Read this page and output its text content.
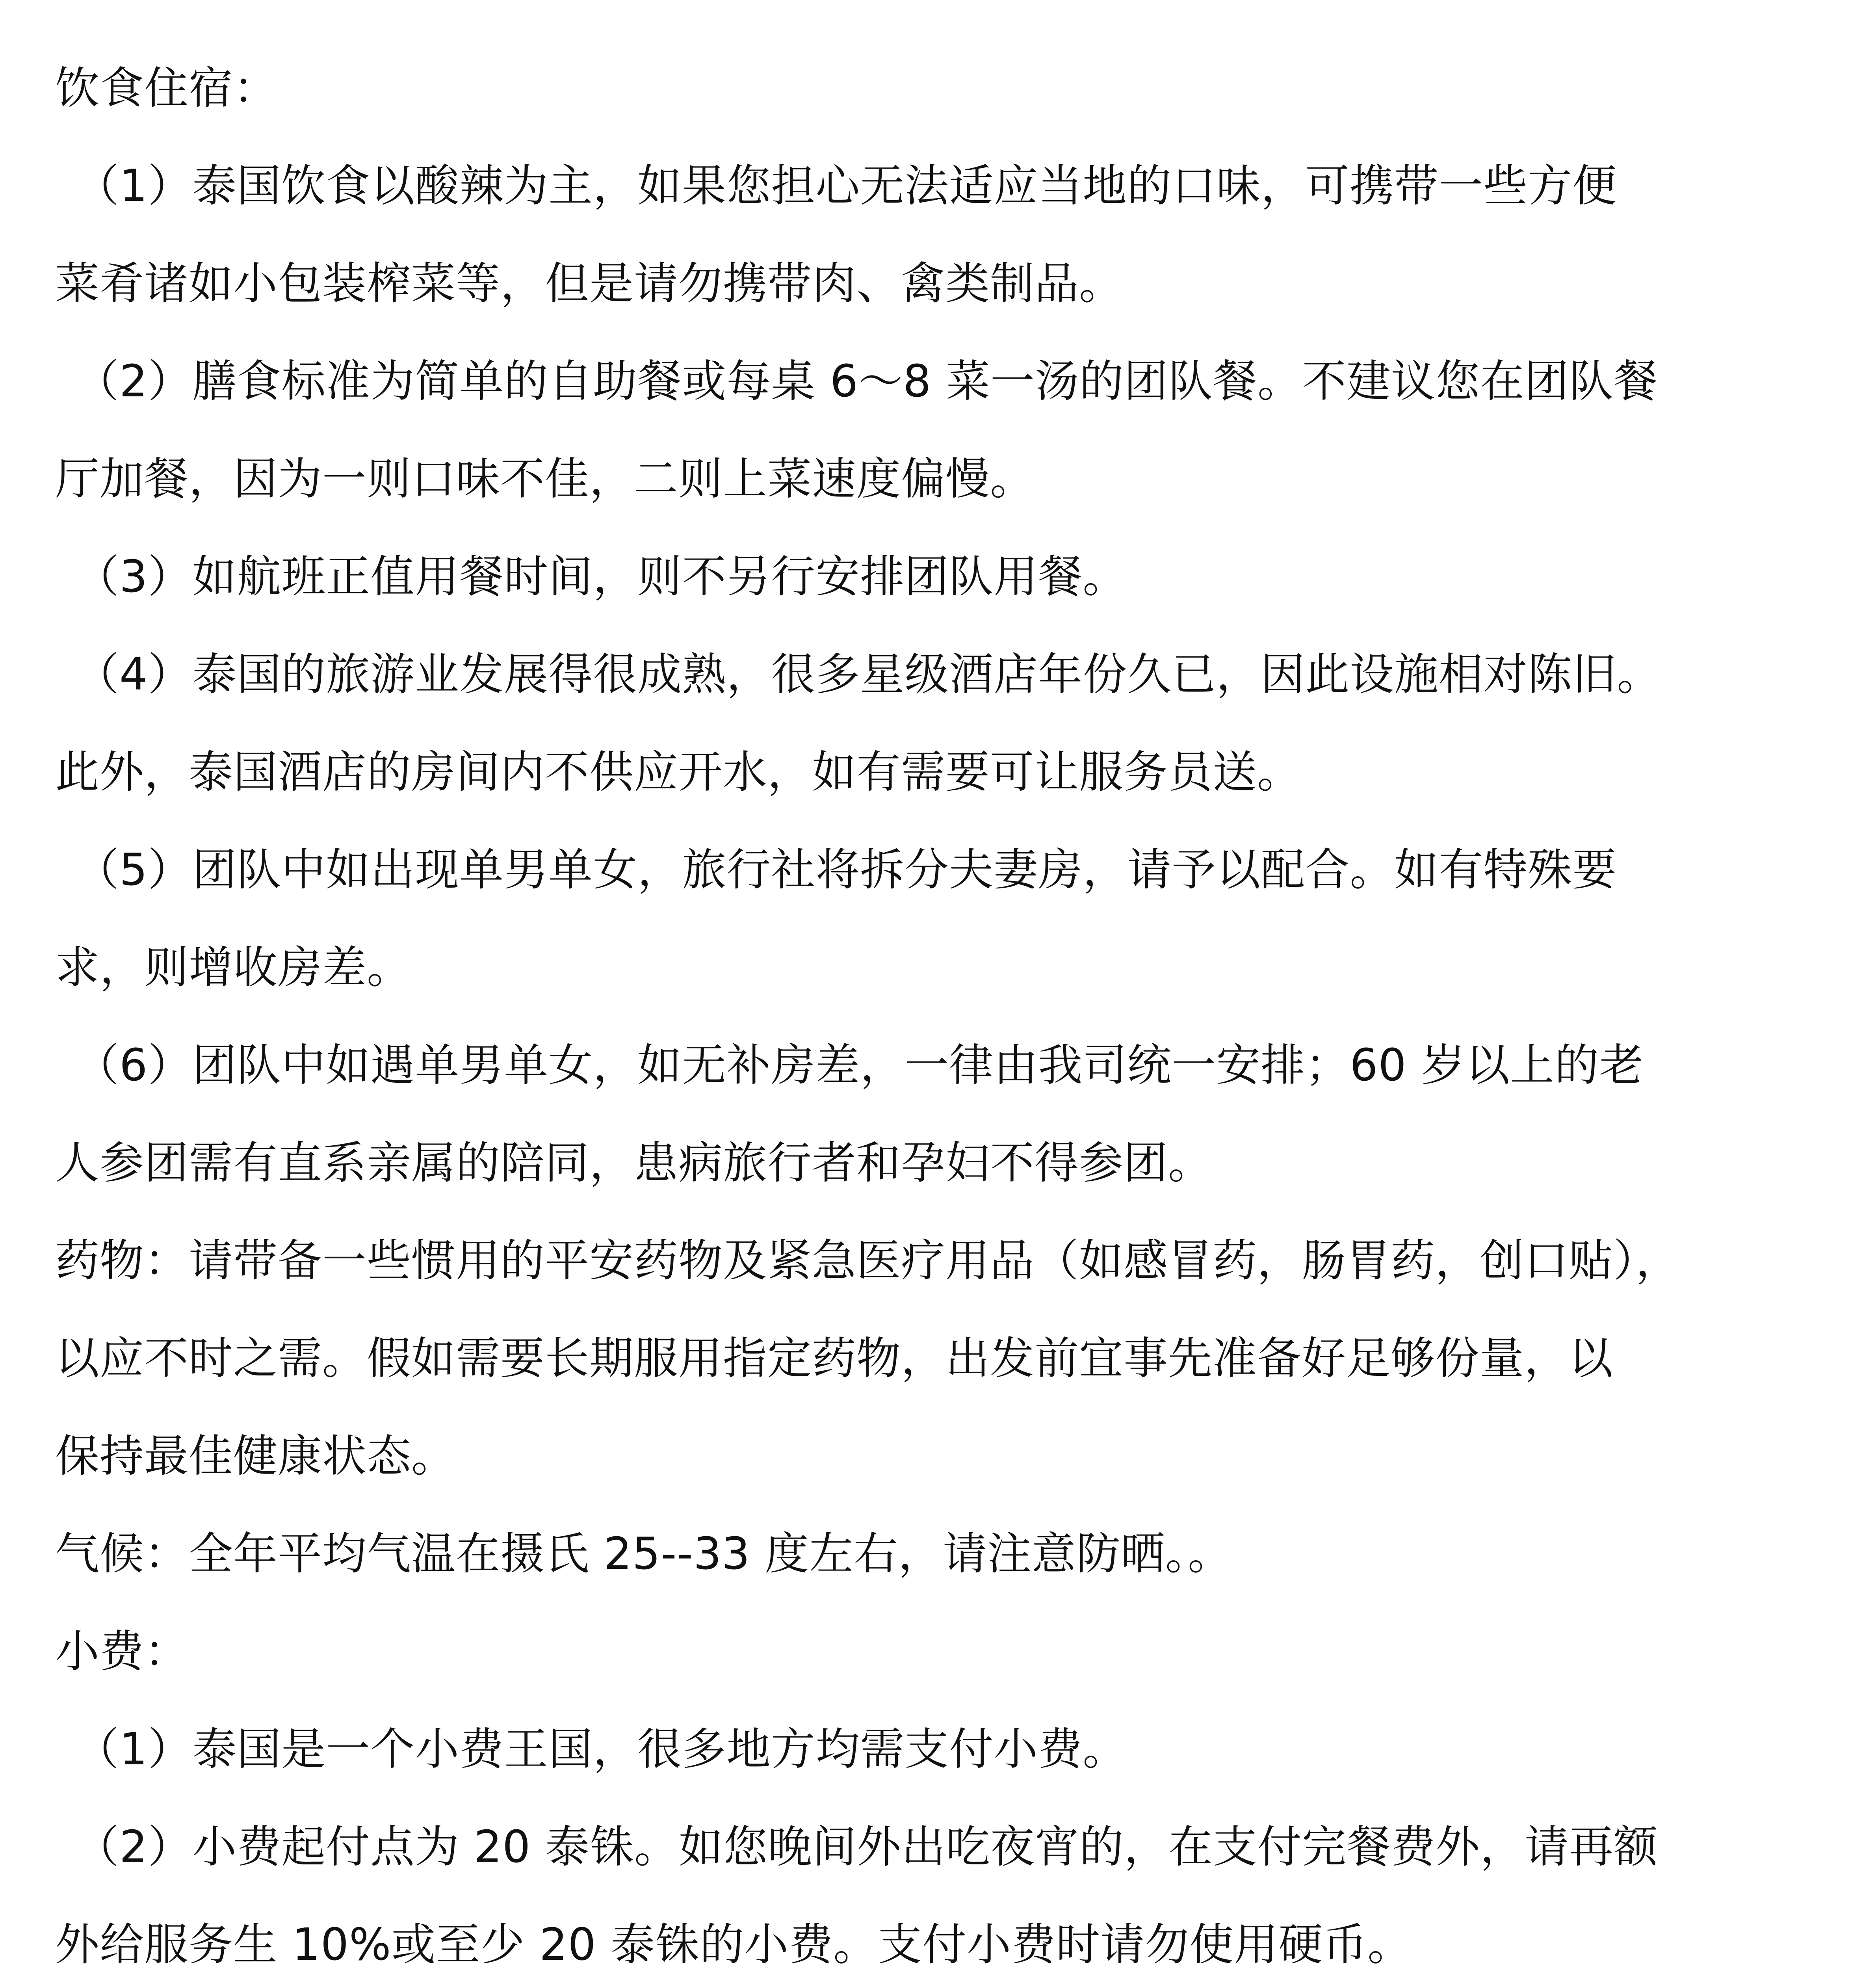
饮食住宿：

（1）泰国饮食以酸辣为主，如果您担心无法适应当地的口味，可携带一些方便

菜肴诸如小包装榨菜等，但是请勿携带肉、禽类制品。

（2）膳食标准为简单的自助餐或每桌 6～8 菜一汤的团队餐。不建议您在团队餐

厅加餐，因为一则口味不佳，二则上菜速度偏慢。

（3）如航班正值用餐时间，则不另行安排团队用餐。

（4）泰国的旅游业发展得很成熟，很多星级酒店年份久已，因此设施相对陈旧。

此外，泰国酒店的房间内不供应开水，如有需要可让服务员送。

（5）团队中如出现单男单女，旅行社将拆分夫妻房，请予以配合。如有特殊要

求，则增收房差。

（6）团队中如遇单男单女，如无补房差，一律由我司统一安排；60 岁以上的老

人参团需有直系亲属的陪同，患病旅行者和孕妇不得参团。

药物：请带备一些惯用的平安药物及紧急医疗用品（如感冒药，肠胃药，创口贴），

以应不时之需。假如需要长期服用指定药物，出发前宜事先准备好足够份量，以

保持最佳健康状态。

气候：全年平均气温在摄氏 25--33 度左右，请注意防晒。。

小费：

（1）泰国是一个小费王国，很多地方均需支付小费。

（2）小费起付点为 20 泰铢。如您晚间外出吃夜宵的，在支付完餐费外，请再额

外给服务生 10%或至少 20 泰铢的小费。支付小费时请勿使用硬币。
